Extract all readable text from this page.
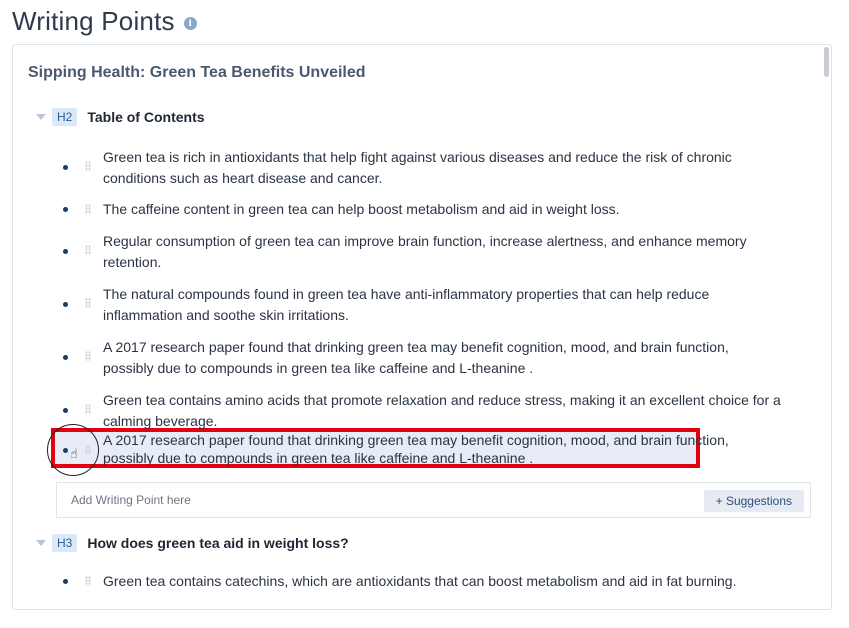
Writing Points	i
Sipping Health: Green Tea Benefits Unveiled
H2	Table of Contents
Green tea is rich in antioxidants that help fight against various diseases and reduce the risk of chronic conditions such as heart disease and cancer.
The caffeine content in green tea can help boost metabolism and aid in weight loss.
Regular consumption of green tea can improve brain function, increase alertness, and enhance memory retention.
The natural compounds found in green tea have anti-inflammatory properties that can help reduce inflammation and soothe skin irritations.
A 2017 research paper found that drinking green tea may benefit cognition, mood, and brain function, possibly due to compounds in green tea like caffeine and L-theanine .
Green tea contains amino acids that promote relaxation and reduce stress, making it an excellent choice for a calming beverage.
A 2017 research paper found that drinking green tea may benefit cognition, mood, and brain function, possibly due to compounds in green tea like caffeine and L-theanine .
☝
Add Writing Point here
+ Suggestions
H3	How does green tea aid in weight loss?
Green tea contains catechins, which are antioxidants that can boost metabolism and aid in fat burning.
